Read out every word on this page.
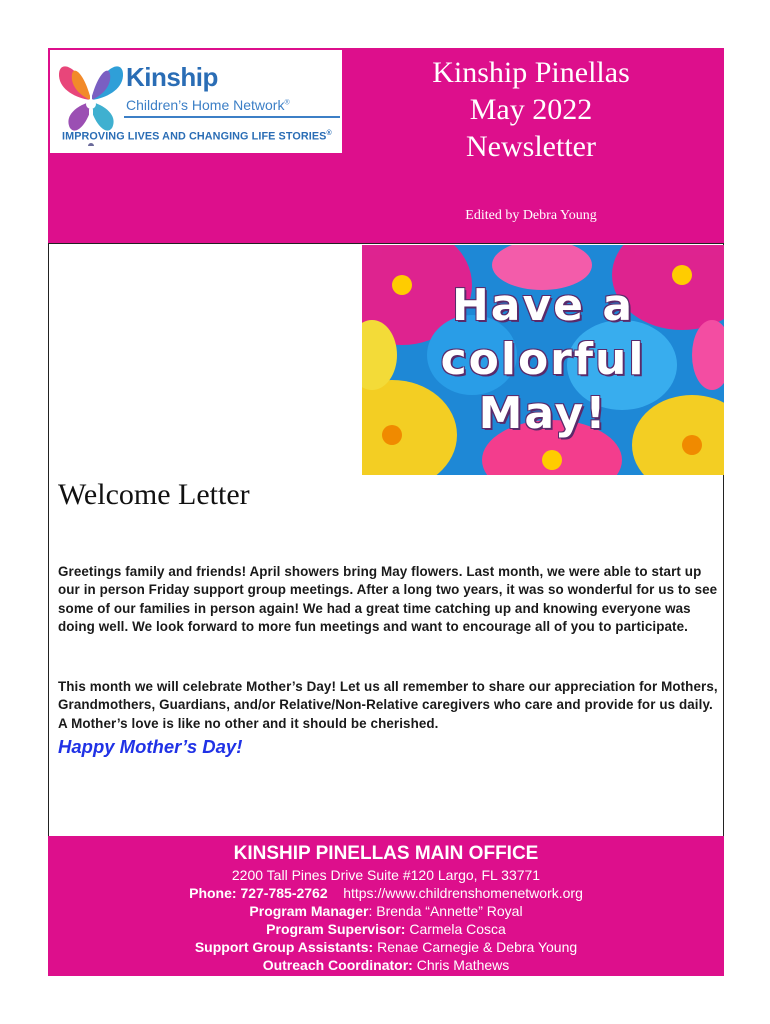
Kinship
Children’s Home Network®
IMPROVING LIVES AND CHANGING LIFE STORIES®
Kinship Pinellas
May 2022
Newsletter
Edited by Debra Young
Have a
colorful
May!
Welcome Letter
Greetings family and friends! April showers bring May flowers. Last month, we were able to start up our in person Friday support group meetings. After a long two years, it was so wonderful for us to see some of our families in person again! We had a great time catching up and knowing everyone was doing well. We look forward to more fun meetings and want to encourage all of you to participate.
This month we will celebrate Mother’s Day! Let us all remember to share our appreciation for Mothers, Grandmothers, Guardians, and/or Relative/Non-Relative caregivers who care and provide for us daily. A Mother’s love is like no other and it should be cherished.
Happy Mother’s Day!
KINSHIP PINELLAS MAIN OFFICE
2200 Tall Pines Drive Suite #120 Largo, FL 33771
Phone: 727-785-2762 https://www.childrenshomenetwork.org
Program Manager: Brenda “Annette” Royal
Program Supervisor: Carmela Cosca
Support Group Assistants: Renae Carnegie & Debra Young
Outreach Coordinator: Chris Mathews
